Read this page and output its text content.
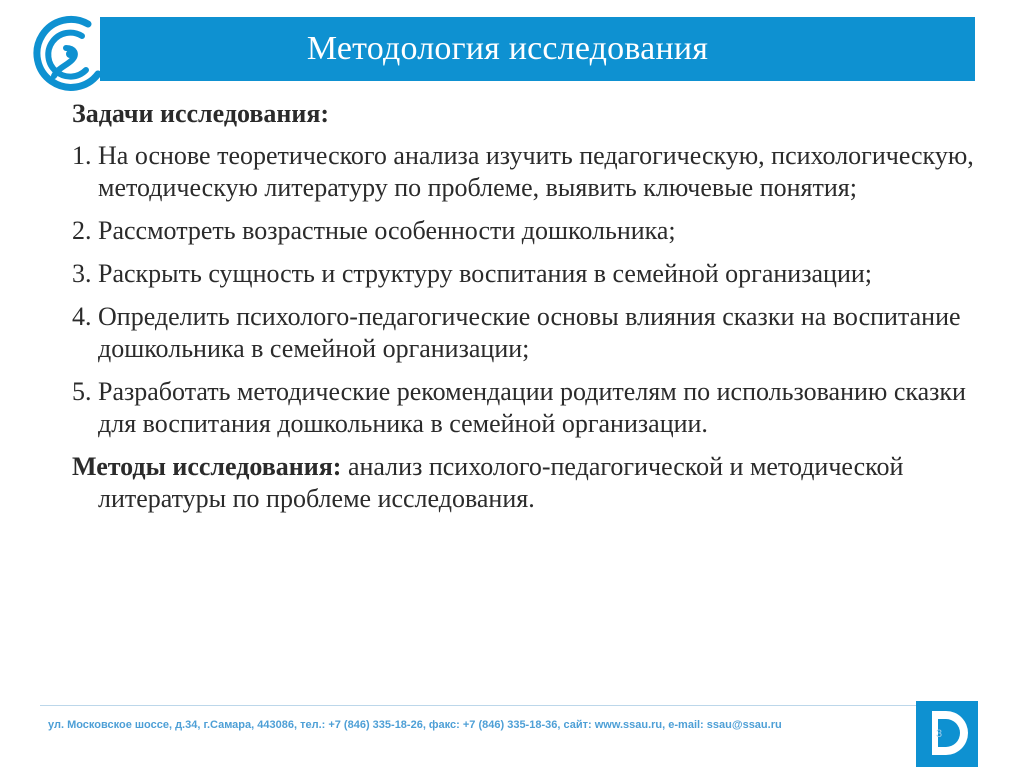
Методология исследования
Задачи исследования:
1. На основе теоретического анализа изучить педагогическую, психологическую, методическую литературу по проблеме, выявить ключевые понятия;
2. Рассмотреть возрастные особенности дошкольника;
3. Раскрыть сущность и структуру воспитания в семейной организации;
4. Определить психолого-педагогические основы влияния сказки на воспитание дошкольника в семейной организации;
5. Разработать методические рекомендации родителям по использованию сказки для воспитания дошкольника в семейной организации.
Методы исследования: анализ психолого-педагогической и методической литературы по проблеме исследования.
ул. Московское шоссе, д.34, г.Самара, 443086, тел.: +7 (846) 335-18-26, факс: +7 (846) 335-18-36, сайт: www.ssau.ru, e-mail: ssau@ssau.ru
3
